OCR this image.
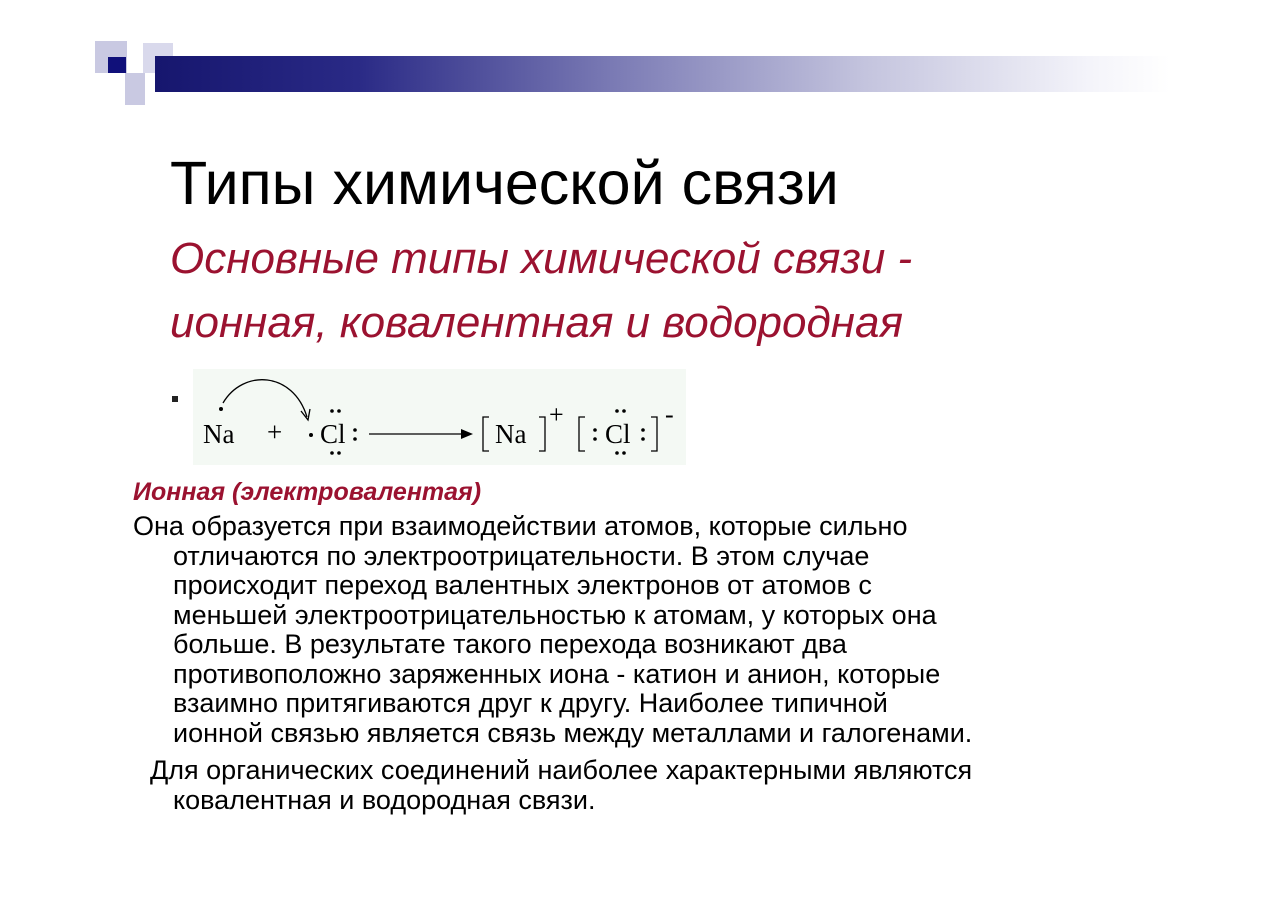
Типы химической связи
Основные типы химической связи -
ионная, ковалентная и водородная
Na + Cl	Na
+
Cl
-
Ионная (электровалентая)
Она образуется при взаимодействии атомов, которые сильно
отличаются по электроотрицательности. В этом случае
происходит переход валентных электронов от атомов с
меньшей электроотрицательностью к атомам, у которых она
больше. В результате такого перехода возникают два
противоположно заряженных иона - катион и анион, которые
взаимно притягиваются друг к другу. Наиболее типичной
ионной связью является связь между металлами и галогенами.
Для органических соединений наиболее характерными являются
ковалентная и водородная связи.
